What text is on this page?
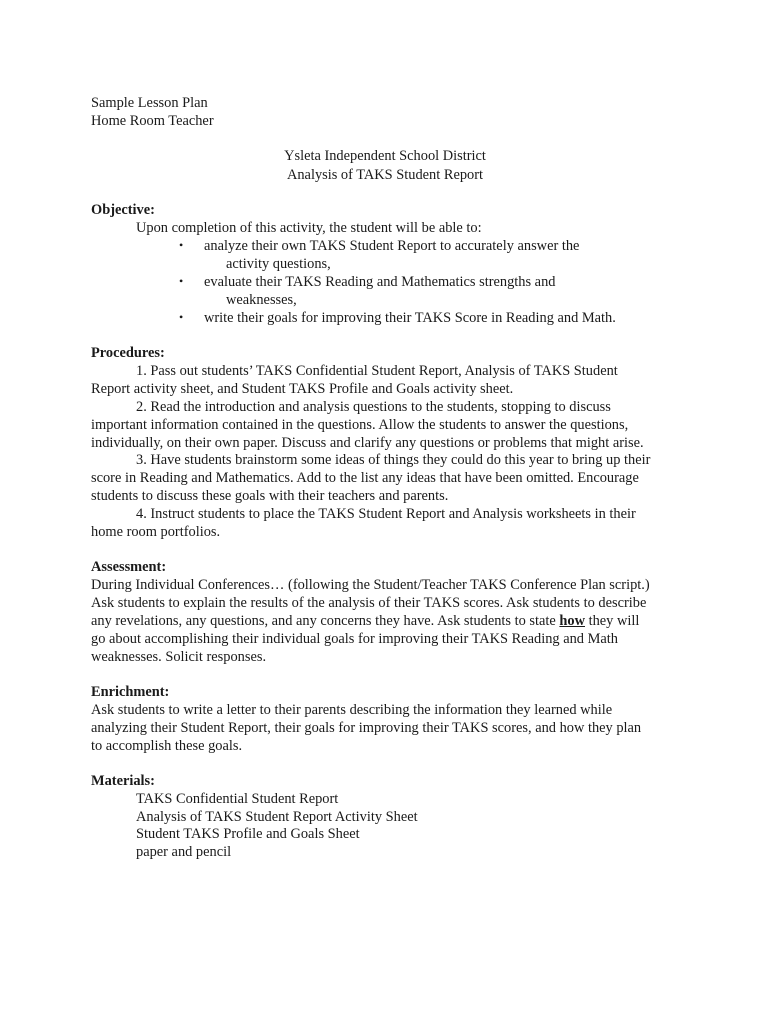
Sample Lesson Plan
Home Room Teacher
Ysleta Independent School District
Analysis of TAKS Student Report
Objective:
Upon completion of this activity, the student will be able to:
• analyze their own TAKS Student Report to accurately answer the
activity questions,
• evaluate their TAKS Reading and Mathematics strengths and
weaknesses,
• write their goals for improving their TAKS Score in Reading and Math.
Procedures:
1. Pass out students’ TAKS Confidential Student Report, Analysis of TAKS Student
Report activity sheet, and Student TAKS Profile and Goals activity sheet.
2. Read the introduction and analysis questions to the students, stopping to discuss
important information contained in the questions. Allow the students to answer the questions,
individually, on their own paper. Discuss and clarify any questions or problems that might arise.
3. Have students brainstorm some ideas of things they could do this year to bring up their
score in Reading and Mathematics. Add to the list any ideas that have been omitted. Encourage
students to discuss these goals with their teachers and parents.
4. Instruct students to place the TAKS Student Report and Analysis worksheets in their
home room portfolios.
Assessment:
During Individual Conferences… (following the Student/Teacher TAKS Conference Plan script.)
Ask students to explain the results of the analysis of their TAKS scores. Ask students to describe
any revelations, any questions, and any concerns they have. Ask students to state how they will
go about accomplishing their individual goals for improving their TAKS Reading and Math
weaknesses. Solicit responses.
Enrichment:
Ask students to write a letter to their parents describing the information they learned while
analyzing their Student Report, their goals for improving their TAKS scores, and how they plan
to accomplish these goals.
Materials:
TAKS Confidential Student Report
Analysis of TAKS Student Report Activity Sheet
Student TAKS Profile and Goals Sheet
paper and pencil
